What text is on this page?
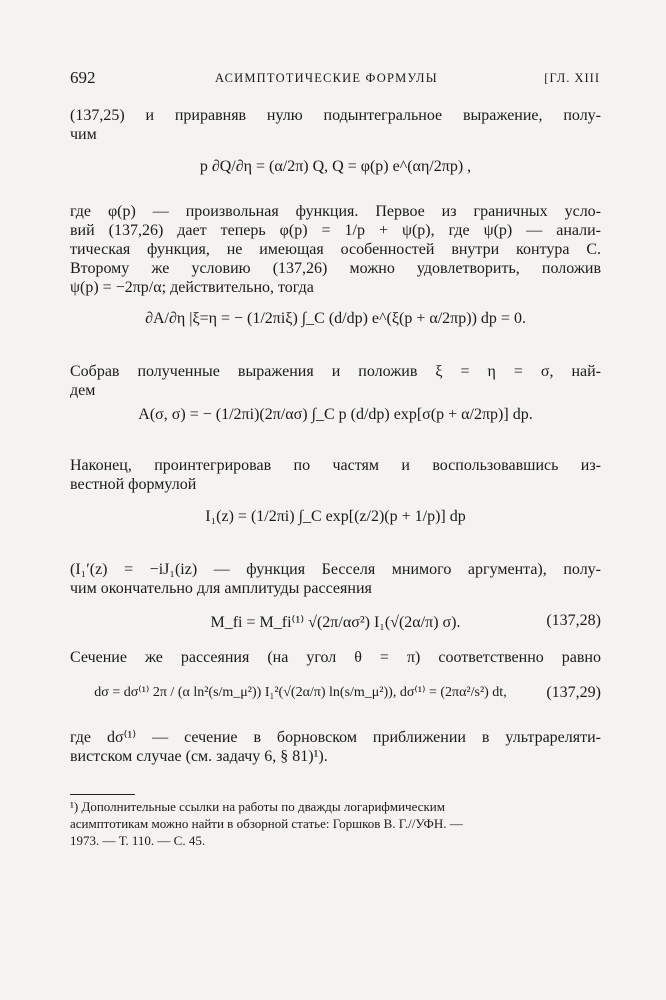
692	АСИМПТОТИЧЕСКИЕ ФОРМУЛЫ	[ГЛ. XIII
(137,25) и приравняв нулю подынтегральное выражение, полу-
чим
p ∂Q/∂η = (α/2π) Q, Q = φ(p) e^(αη/2πp) ,
где φ(p) — произвольная функция. Первое из граничных усло-
вий (137,26) дает теперь φ(p) = 1/p + ψ(p), где ψ(p) — анали-
тическая функция, не имеющая особенностей внутри контура C.
Второму же условию (137,26) можно удовлетворить, положив
ψ(p) = −2πp/α; действительно, тогда
∂A/∂η |ξ=η = − (1/2πiξ) ∫_C (d/dp) e^(ξ(p + α/2πp)) dp = 0.
Собрав полученные выражения и положив ξ = η = σ, най-
дем
A(σ, σ) = − (1/2πi)(2π/ασ) ∫_C p (d/dp) exp[σ(p + α/2πp)] dp.
Наконец, проинтегрировав по частям и воспользовавшись из-
вестной формулой
I₁(z) = (1/2πi) ∫_C exp[(z/2)(p + 1/p)] dp
(I₁′(z) = −iJ₁(iz) — функция Бесселя мнимого аргумента), полу-
чим окончательно для амплитуды рассеяния
M_fi = M_fi⁽¹⁾ √(2π/ασ²) I₁(√(2α/π) σ).	(137,28)
Сечение же рассеяния (на угол θ = π) соответственно равно
dσ = dσ⁽¹⁾ 2π / (α ln²(s/m_μ²)) I₁²(√(2α/π) ln(s/m_μ²)), dσ⁽¹⁾ = (2πα²/s²) dt, (137,29)
где dσ⁽¹⁾ — сечение в борновском приближении в ультрареляти-
вистском случае (см. задачу 6, § 81)¹).
¹) Дополнительные ссылки на работы по дважды логарифмическим
асимптотикам можно найти в обзорной статье: Горшков В. Г.//УФН. —
1973. — Т. 110. — С. 45.
